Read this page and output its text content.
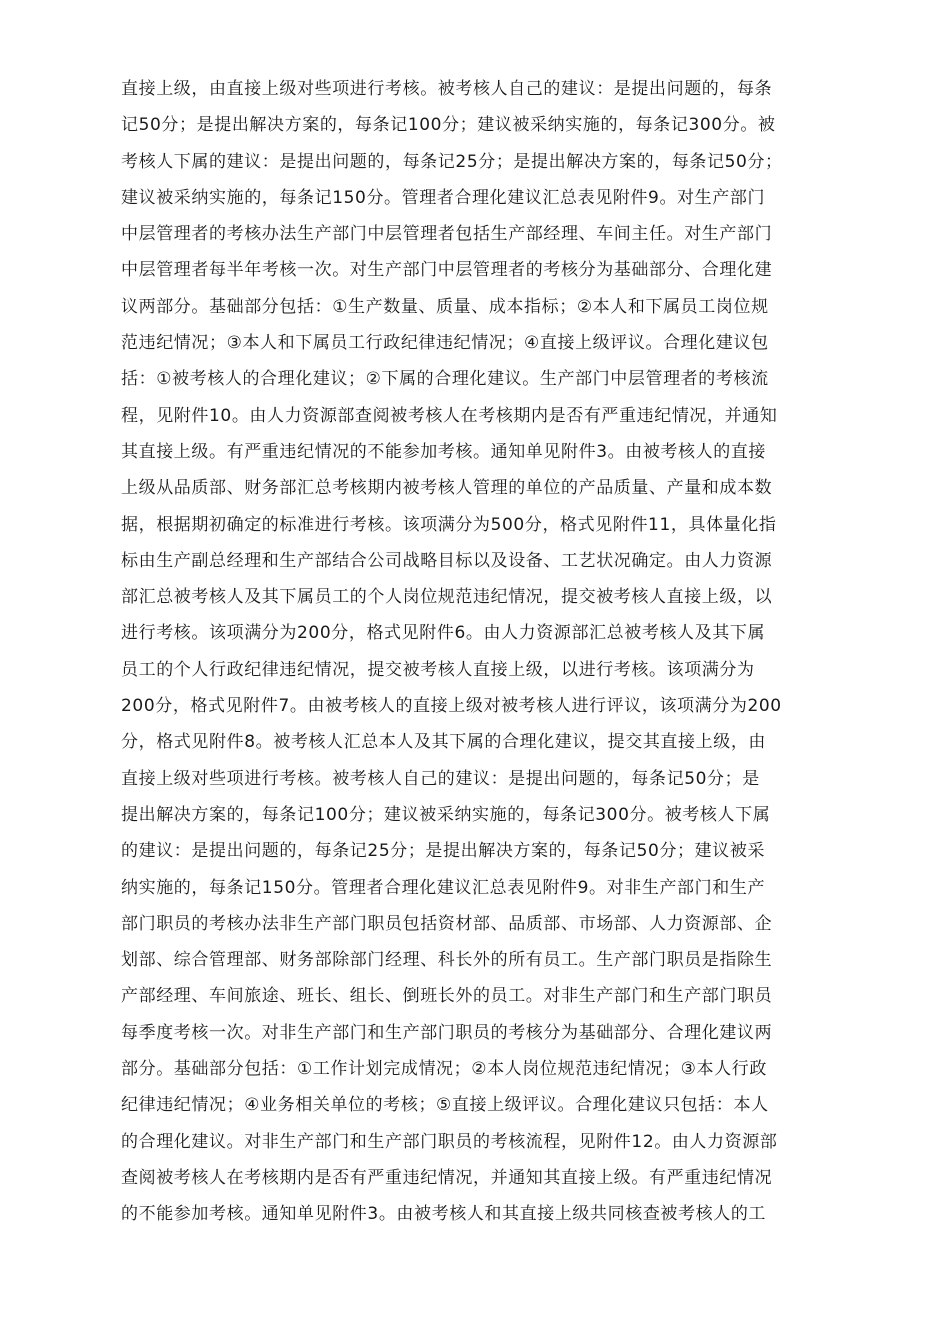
直接上级，由直接上级对些项进行考核。被考核人自己的建议：是提出问题的，每条
记50分；是提出解决方案的，每条记100分；建议被采纳实施的，每条记300分。被
考核人下属的建议：是提出问题的，每条记25分；是提出解决方案的，每条记50分；
建议被采纳实施的，每条记150分。管理者合理化建议汇总表见附件9。对生产部门
中层管理者的考核办法生产部门中层管理者包括生产部经理、车间主任。对生产部门
中层管理者每半年考核一次。对生产部门中层管理者的考核分为基础部分、合理化建
议两部分。基础部分包括：①生产数量、质量、成本指标；②本人和下属员工岗位规
范违纪情况；③本人和下属员工行政纪律违纪情况；④直接上级评议。合理化建议包
括：①被考核人的合理化建议；②下属的合理化建议。生产部门中层管理者的考核流
程，见附件10。由人力资源部查阅被考核人在考核期内是否有严重违纪情况，并通知
其直接上级。有严重违纪情况的不能参加考核。通知单见附件3。由被考核人的直接
上级从品质部、财务部汇总考核期内被考核人管理的单位的产品质量、产量和成本数
据，根据期初确定的标准进行考核。该项满分为500分，格式见附件11，具体量化指
标由生产副总经理和生产部结合公司战略目标以及设备、工艺状况确定。由人力资源
部汇总被考核人及其下属员工的个人岗位规范违纪情况，提交被考核人直接上级，以
进行考核。该项满分为200分，格式见附件6。由人力资源部汇总被考核人及其下属
员工的个人行政纪律违纪情况，提交被考核人直接上级，以进行考核。该项满分为
200分，格式见附件7。由被考核人的直接上级对被考核人进行评议，该项满分为200
分，格式见附件8。被考核人汇总本人及其下属的合理化建议，提交其直接上级，由
直接上级对些项进行考核。被考核人自己的建议：是提出问题的，每条记50分；是
提出解决方案的，每条记100分；建议被采纳实施的，每条记300分。被考核人下属
的建议：是提出问题的，每条记25分；是提出解决方案的，每条记50分；建议被采
纳实施的，每条记150分。管理者合理化建议汇总表见附件9。对非生产部门和生产
部门职员的考核办法非生产部门职员包括资材部、品质部、市场部、人力资源部、企
划部、综合管理部、财务部除部门经理、科长外的所有员工。生产部门职员是指除生
产部经理、车间旅途、班长、组长、倒班长外的员工。对非生产部门和生产部门职员
每季度考核一次。对非生产部门和生产部门职员的考核分为基础部分、合理化建议两
部分。基础部分包括：①工作计划完成情况；②本人岗位规范违纪情况；③本人行政
纪律违纪情况；④业务相关单位的考核；⑤直接上级评议。合理化建议只包括：本人
的合理化建议。对非生产部门和生产部门职员的考核流程，见附件12。由人力资源部
查阅被考核人在考核期内是否有严重违纪情况，并通知其直接上级。有严重违纪情况
的不能参加考核。通知单见附件3。由被考核人和其直接上级共同核查被考核人的工
